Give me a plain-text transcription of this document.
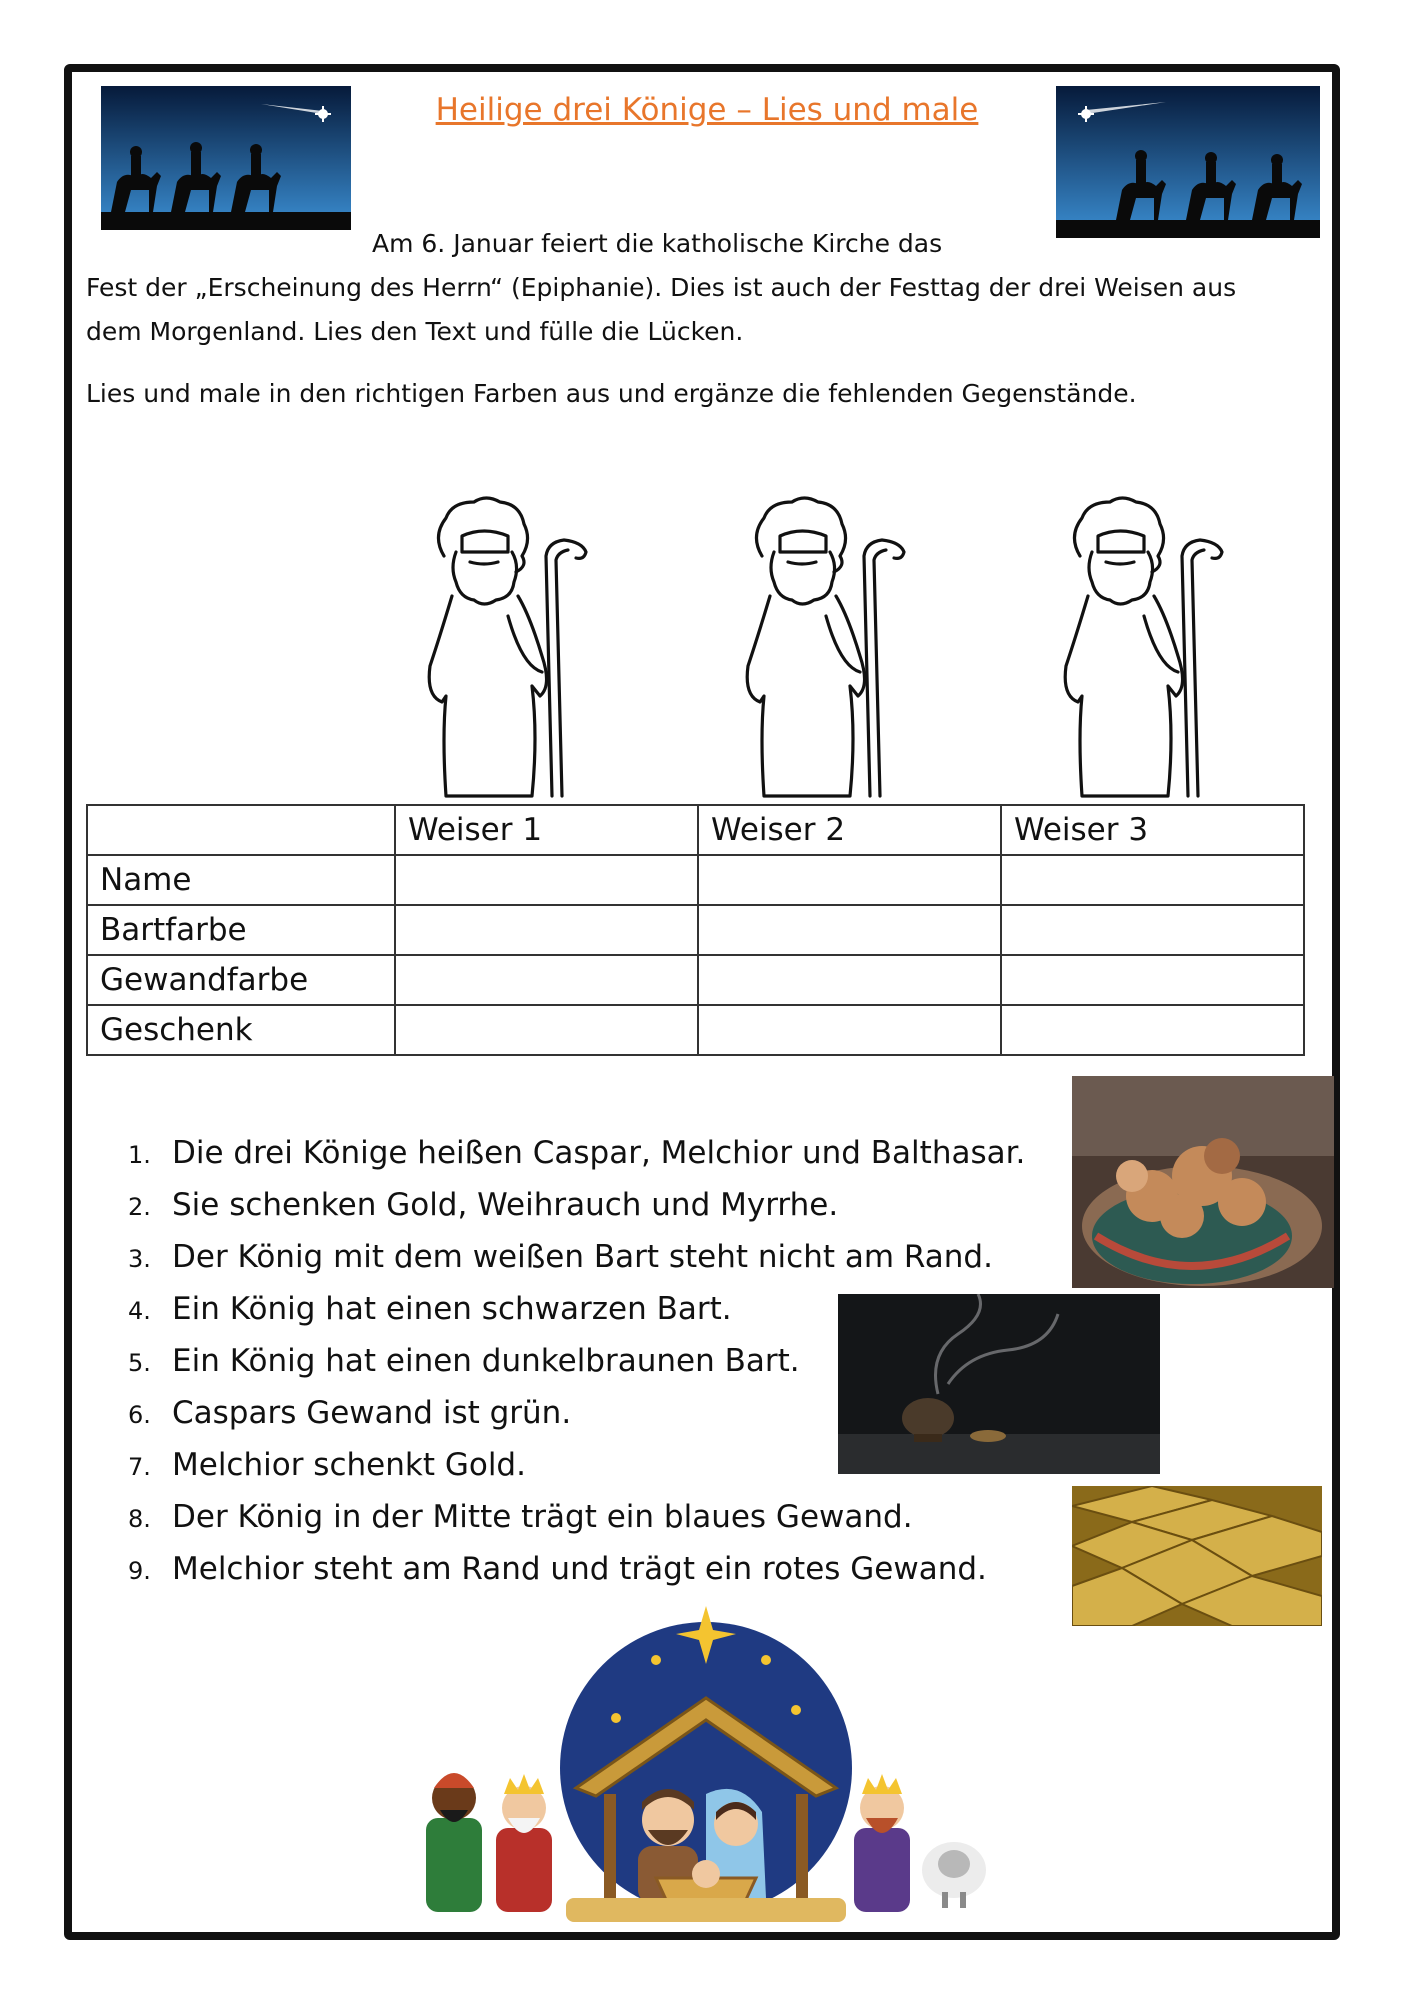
Heilige drei Könige – Lies und male
Am 6. Januar feiert die katholische Kirche das
Fest der „Erscheinung des Herrn“ (Epiphanie). Dies ist auch der Festtag der drei Weisen aus
dem Morgenland. Lies den Text und fülle die Lücken.
Lies und male in den richtigen Farben aus und ergänze die fehlenden Gegenstände.
	Weiser 1	Weiser 2	Weiser 3
Name			
Bartfarbe			
Gewandfarbe			
Geschenk			
1. Die drei Könige heißen Caspar, Melchior und Balthasar.
2. Sie schenken Gold, Weihrauch und Myrrhe.
3. Der König mit dem weißen Bart steht nicht am Rand.
4. Ein König hat einen schwarzen Bart.
5. Ein König hat einen dunkelbraunen Bart.
6. Caspars Gewand ist grün.
7. Melchior schenkt Gold.
8. Der König in der Mitte trägt ein blaues Gewand.
9. Melchior steht am Rand und trägt ein rotes Gewand.
